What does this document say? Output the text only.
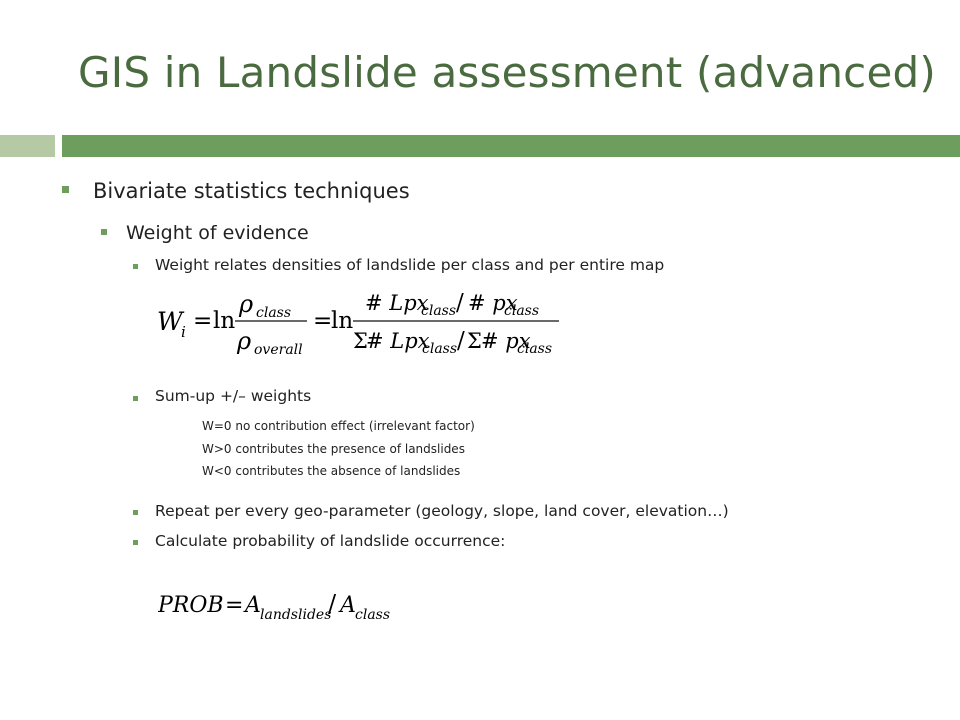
GIS in Landslide assessment (advanced)
Bivariate statistics techniques
Weight of evidence
Weight relates densities of landslide per class and per entire map
W
i = ln
ρ class
ρ overall
=
ln
# Lpx
class / # px
class
Σ
# Lpx
class / Σ # px
class
Sum-up +/– weights
W=0 no contribution effect (irrelevant factor)
W>0 contributes the presence of landslides
W<0 contributes the absence of landslides
Repeat per every geo-parameter (geology, slope, land cover, elevation…)
Calculate probability of landslide occurrence:
PROB = A landslides
/ A class
